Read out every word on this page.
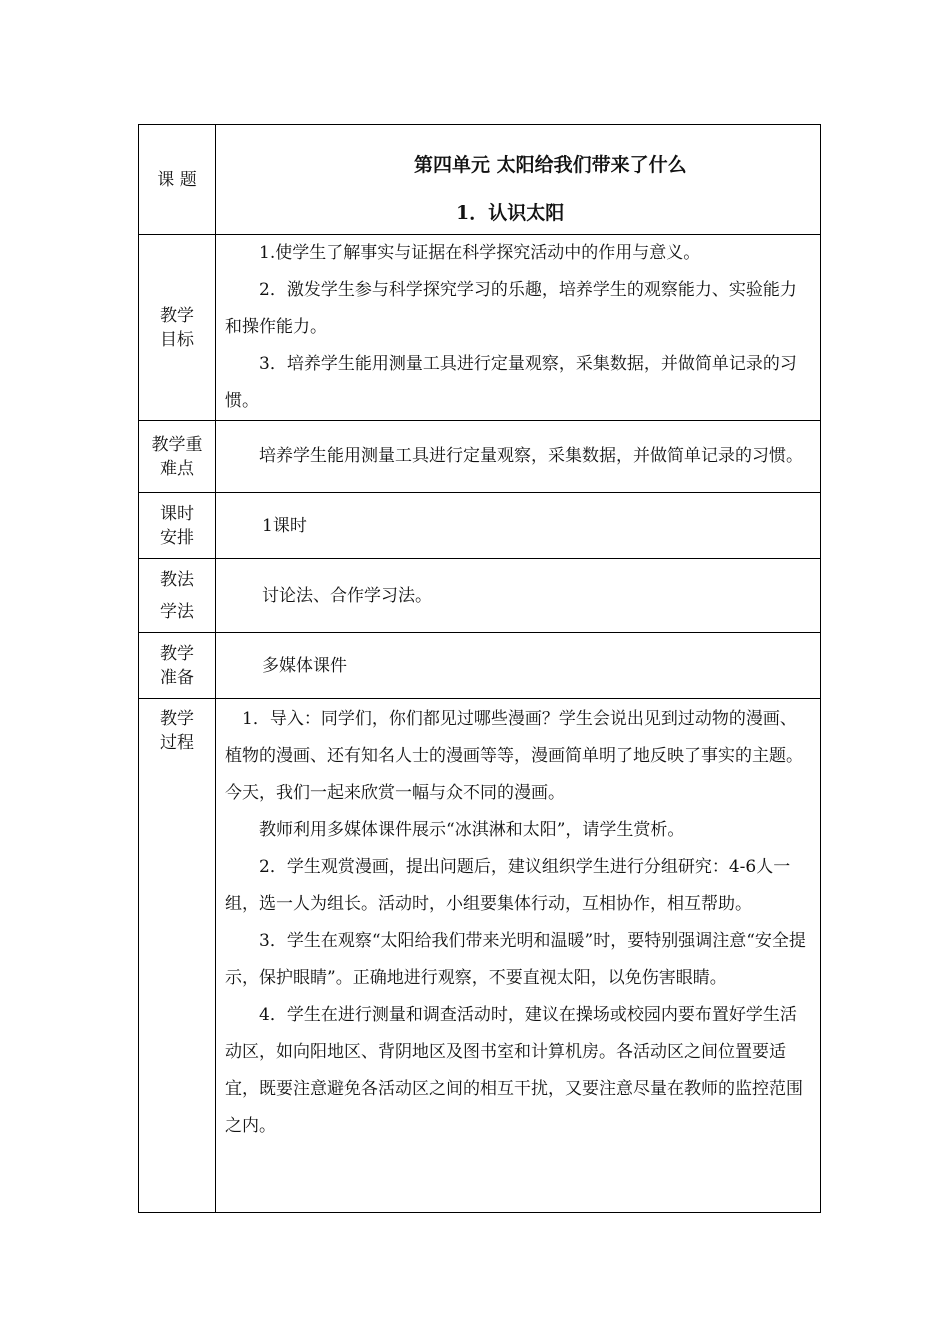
课 题	第四单元 太阳给我们带来了什么
1．认识太阳

教学目标	1.使学生了解事实与证据在科学探究活动中的作用与意义。

2．激发学生参与科学探究学习的乐趣，培养学生的观察能力、实验能力和操作能力。

3．培养学生能用测量工具进行定量观察，采集数据，并做简单记录的习惯。

教学重难点	培养学生能用测量工具进行定量观察，采集数据，并做简单记录的习惯。

课时安排	1课时

教法学法	讨论法、合作学习法。

教学准备	多媒体课件

教学过程	1．导入：同学们，你们都见过哪些漫画？学生会说出见到过动物的漫画、植物的漫画、还有知名人士的漫画等等，漫画简单明了地反映了事实的主题。今天，我们一起来欣赏一幅与众不同的漫画。

教师利用多媒体课件展示“冰淇淋和太阳”，请学生赏析。

2．学生观赏漫画，提出问题后，建议组织学生进行分组研究：4-6人一组，选一人为组长。活动时，小组要集体行动，互相协作，相互帮助。

3．学生在观察“太阳给我们带来光明和温暖”时，要特别强调注意“安全提示，保护眼睛”。正确地进行观察，不要直视太阳，以免伤害眼睛。

4．学生在进行测量和调查活动时，建议在操场或校园内要布置好学生活动区，如向阳地区、背阴地区及图书室和计算机房。各活动区之间位置要适宜，既要注意避免各活动区之间的相互干扰，又要注意尽量在教师的监控范围之内。
